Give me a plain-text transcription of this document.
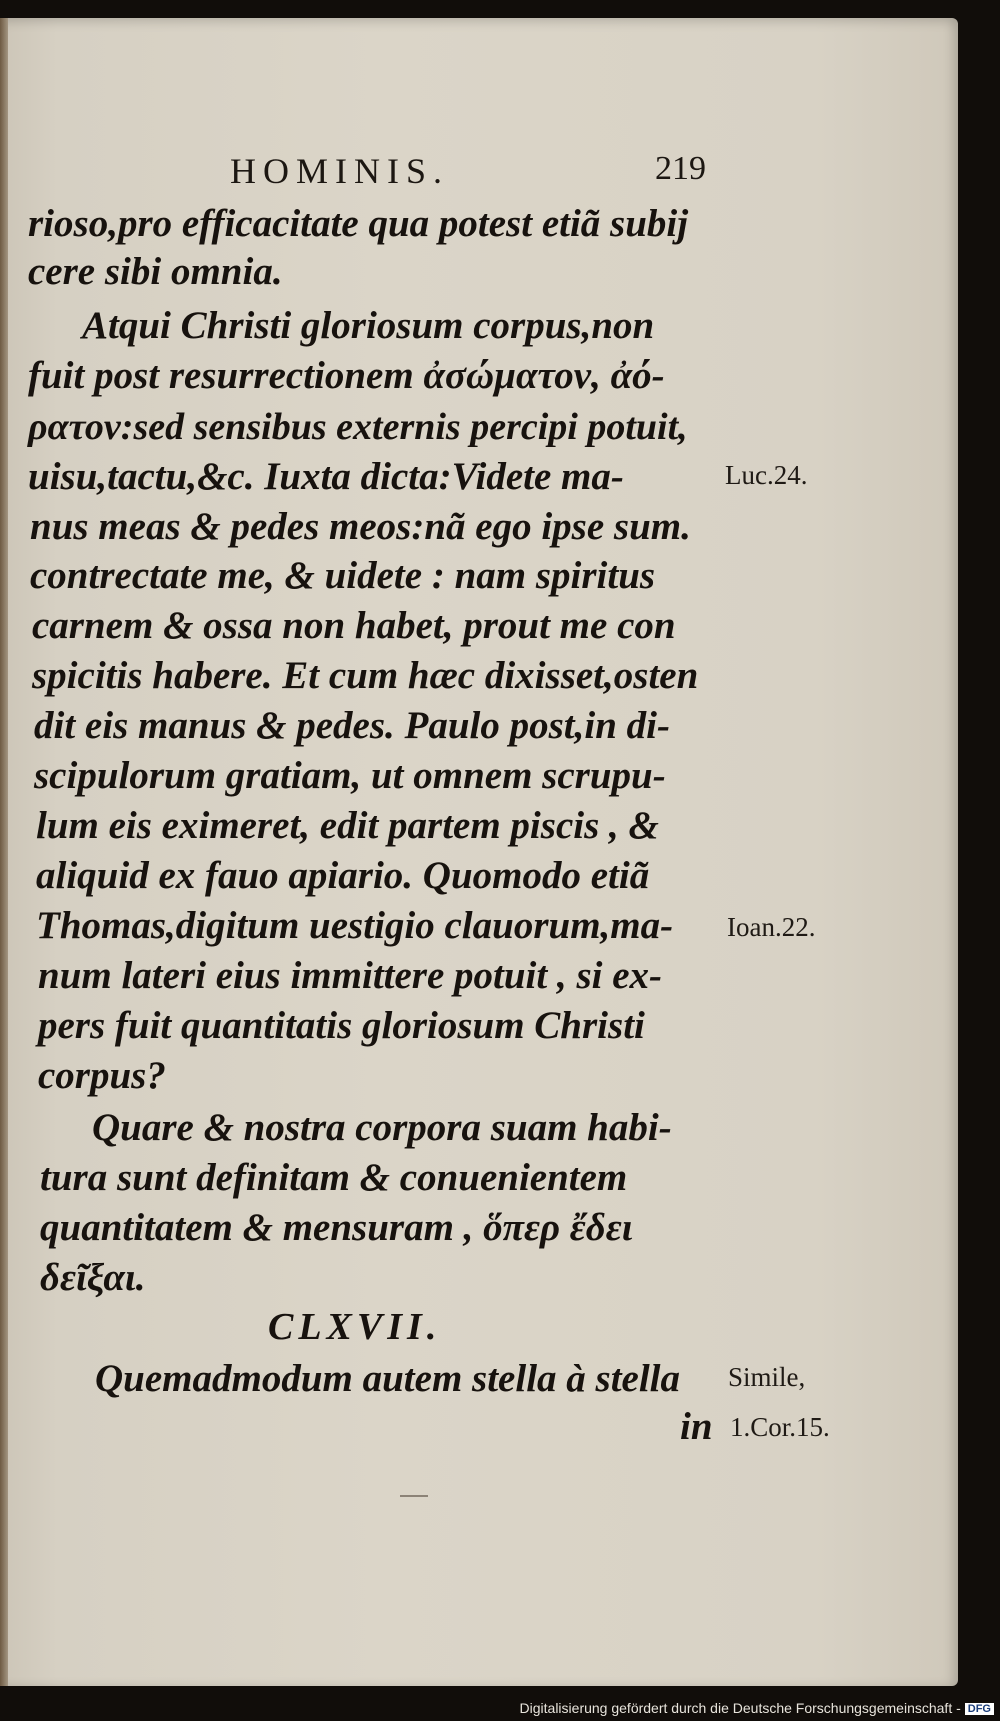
HOMINIS.	219
rioso,pro efficacitate qua potest etiã subij
cere sibi omnia.
Atqui Christi gloriosum corpus,non
fuit post resurrectionem ἀσώματον, ἀό-
ρατον:sed sensibus externis percipi potuit,
uisu,tactu,&c. Iuxta dicta:Videte ma-
nus meas & pedes meos:nã ego ipse sum.
contrectate me, & uidete : nam spiritus
carnem & ossa non habet, prout me con
spicitis habere. Et cum hæc dixisset,osten
dit eis manus & pedes. Paulo post,in di-
scipulorum gratiam, ut omnem scrupu-
lum eis eximeret, edit partem piscis , &
aliquid ex fauo apiario. Quomodo etiã
Thomas,digitum uestigio clauorum,ma-
num lateri eius immittere potuit , si ex-
pers fuit quantitatis gloriosum Christi
corpus?
Quare & nostra corpora suam habi-
tura sunt definitam & conuenientem
quantitatem & mensuram , ὅπερ ἔδει
δεῖξαι.
CLXVII.
Quemadmodum autem stella à stella
in
Luc.24.
Ioan.22.
Simile,
1.Cor.15.
Digitalisierung gefördert durch die Deutsche Forschungsgemeinschaft - DFG
